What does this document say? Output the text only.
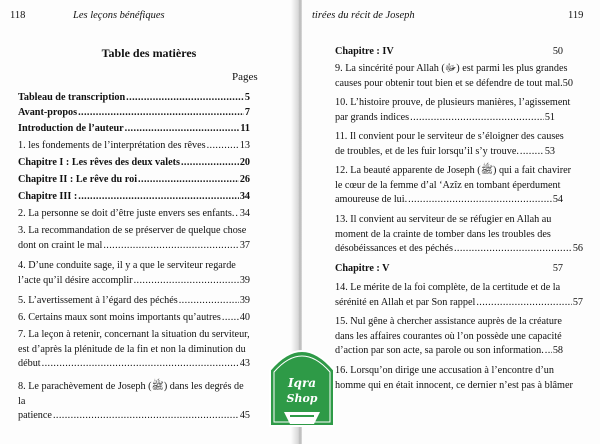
118	Les leçons bénéfiques
Table des matières
Pages
Tableau de transcription .....	5
Avant-propos .....	7
Introduction de l’auteur .....	11
1. les fondements de l’interprétation des rêves .....	13
Chapitre I : Les rêves des deux valets .....	20
Chapitre II : Le rêve du roi .....	26
Chapitre III : .....	34
2. La personne se doit d’être juste envers ses enfants. ..... 34
3. La recommandation de se préserver de quelque chose
dont on craint le mal .....	37
4. D’une conduite sage, il y a que le serviteur regarde
l’acte qu’il désire accomplir .....	39
5. L’avertissement à l’égard des péchés .....	39
6. Certains maux sont moins importants qu’autres ..... 40
7. La leçon à retenir, concernant la situation du serviteur,
est d’après la plénitude de la fin et non la diminution du
début .....	43
8. Le parachèvement de Joseph (ﷺ) dans les degrés de la
patience .....	45
tirées du récit de Joseph	119
Chapitre : IV	50
9. La sincérité pour Allah (ﷻ) est parmi les plus grandes
causes pour obtenir tout bien et se défendre de tout mal. 50
10. L’histoire prouve, de plusieurs manières, l’agissement
par grands indices .....	51
11. Il convient pour le serviteur de s’éloigner des causes
de troubles, et de les fuir lorsqu’il s’y trouve. .....	53
12. La beauté apparente de Joseph (ﷺ) qui a fait chavirer
le cœur de la femme d’al ‘Azîz en tombant éperdument
amoureuse de lui. .....	54
13. Il convient au serviteur de se réfugier en Allah au
moment de la crainte de tomber dans les troubles des
désobéissances et des péchés .....	56
Chapitre : V	57
14. Le mérite de la foi complète, de la certitude et de la
sérénité en Allah et par Son rappel .....	57
15. Nul gêne à chercher assistance auprès de la créature
dans les affaires courantes où l’on possède une capacité
d’action par son acte, sa parole ou son information. ..... 58
16. Lorsqu’on dirige une accusation à l’encontre d’un
homme qui en était innocent, ce dernier n’est pas à blâmer
Iqra
Shop
